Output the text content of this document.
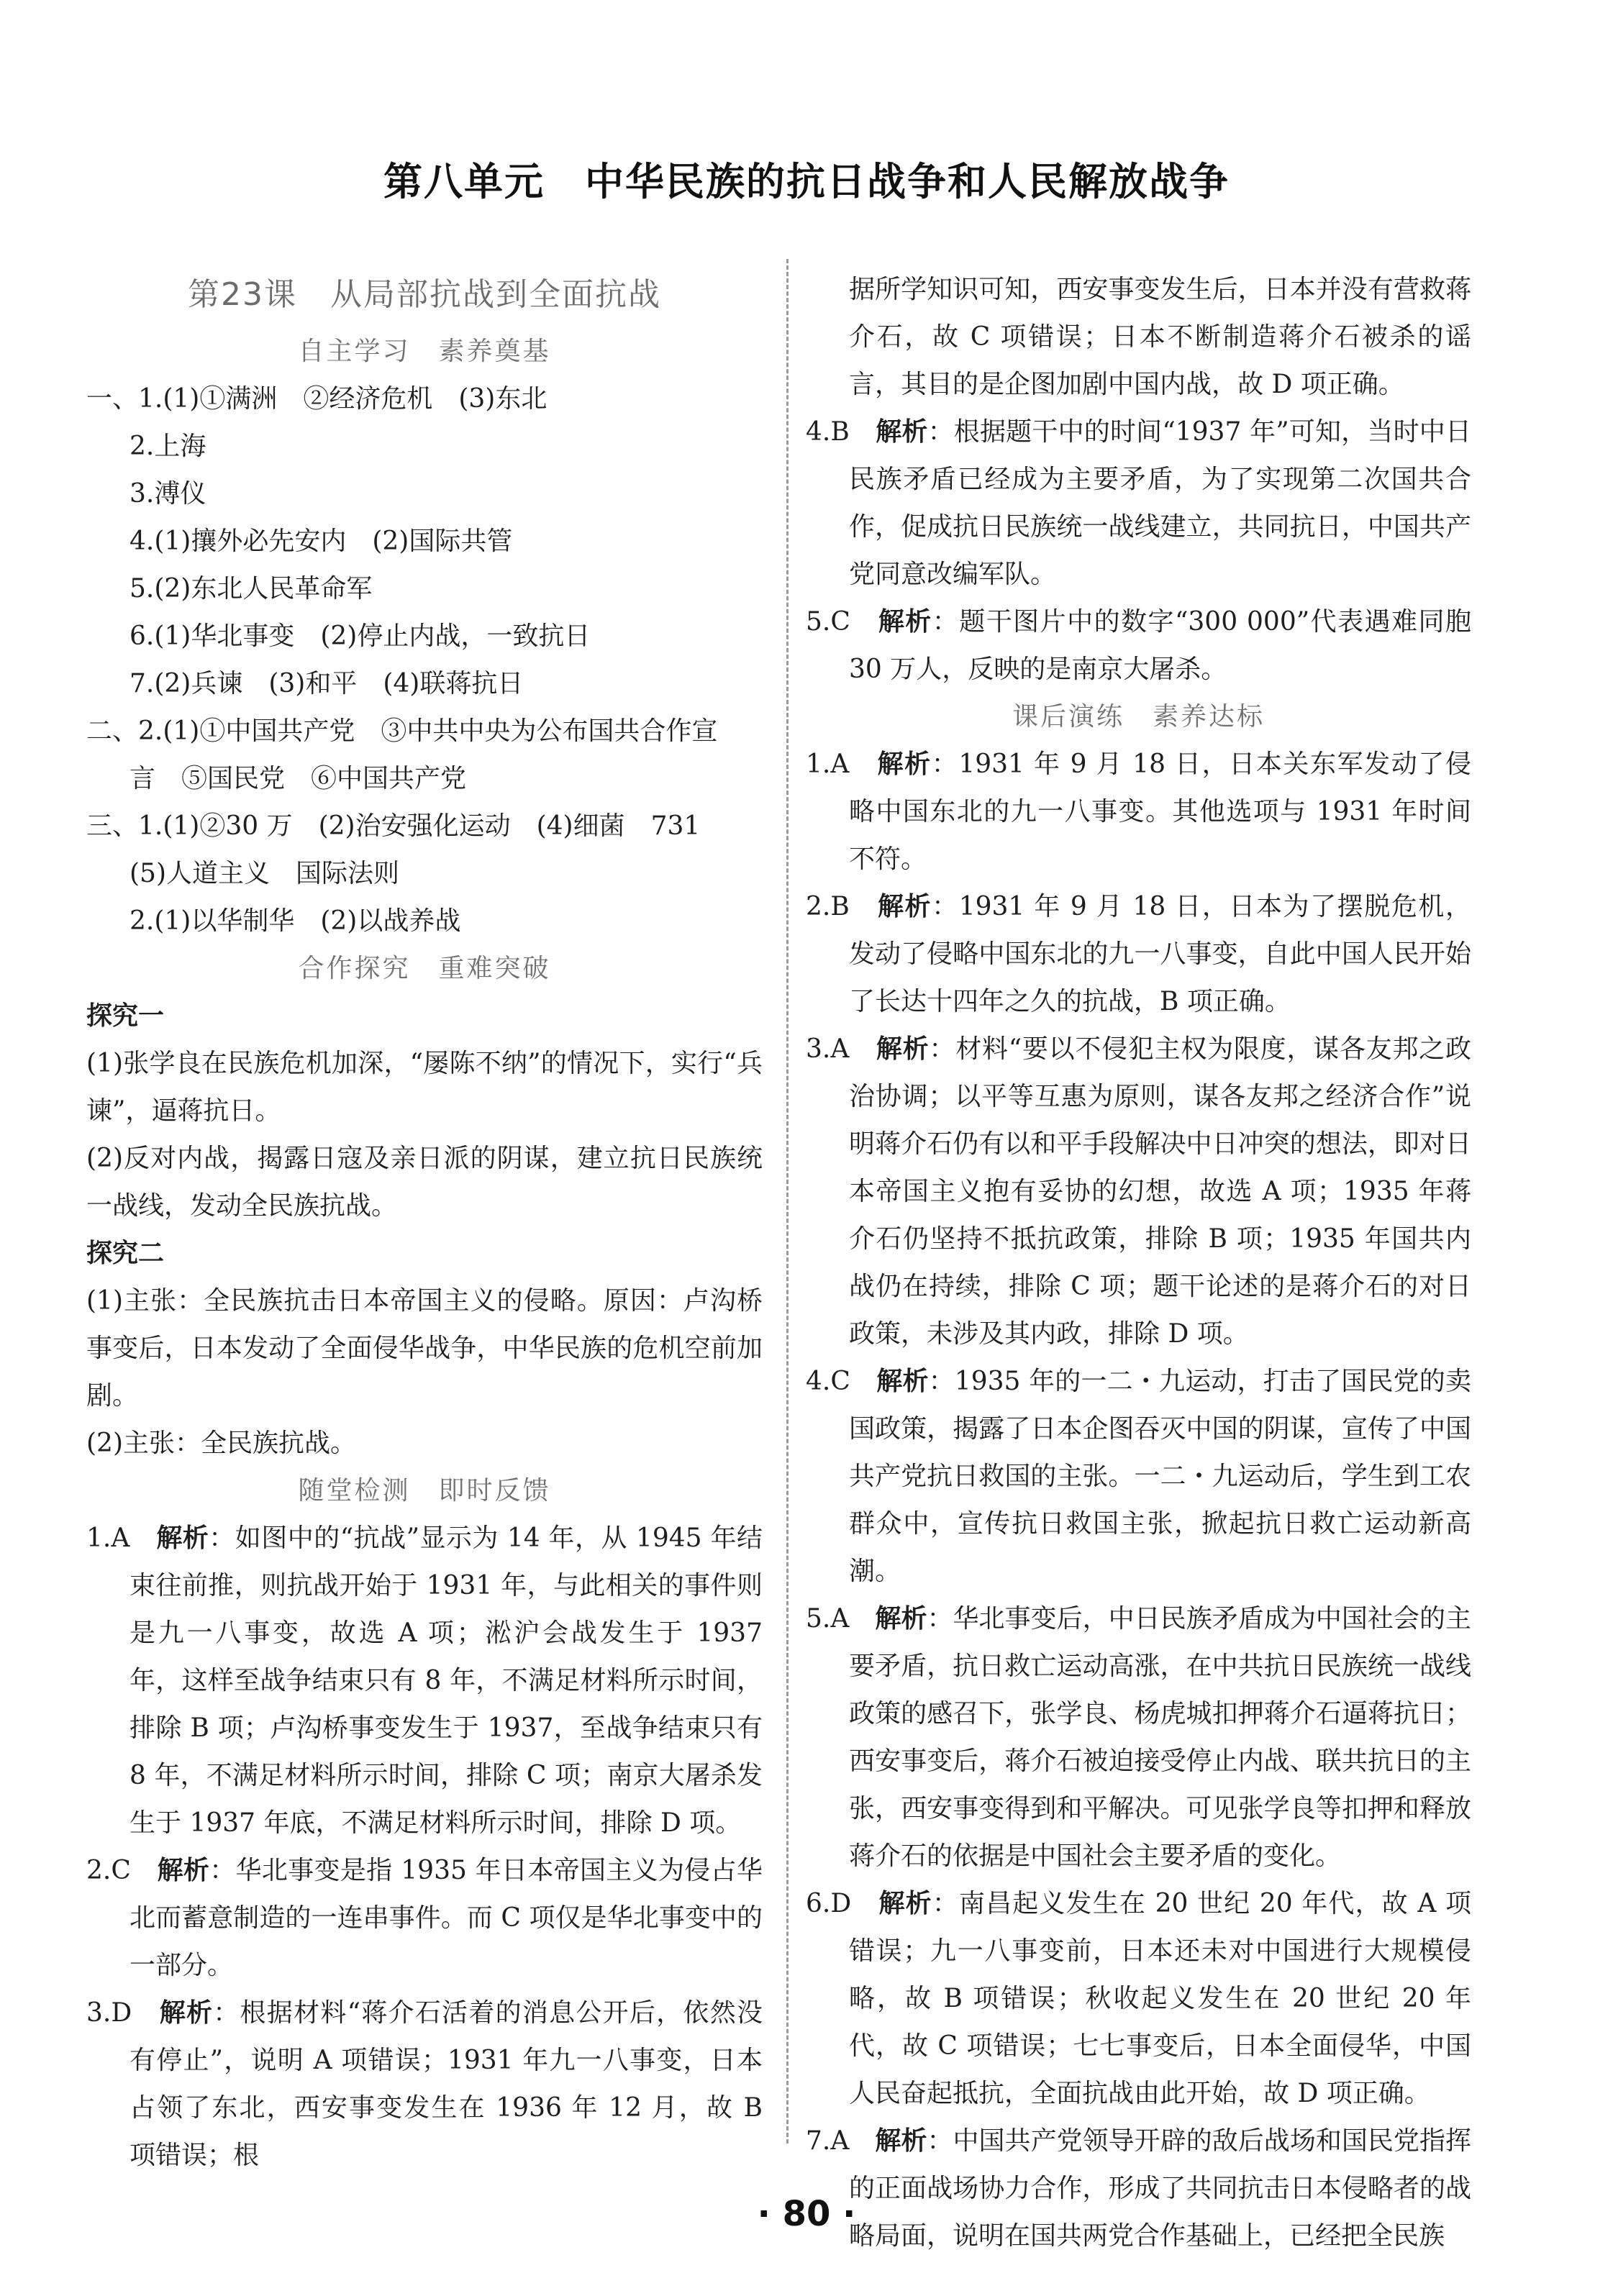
第八单元　中华民族的抗日战争和人民解放战争
第23课　从局部抗战到全面抗战
自主学习　素养奠基
一、1.(1)①满洲　②经济危机　(3)东北
2.上海
3.溥仪
4.(1)攘外必先安内　(2)国际共管
5.(2)东北人民革命军
6.(1)华北事变　(2)停止内战，一致抗日
7.(2)兵谏　(3)和平　(4)联蒋抗日
二、2.(1)①中国共产党　③中共中央为公布国共合作宣
言　⑤国民党　⑥中国共产党
三、1.(1)②30 万　(2)治安强化运动　(4)细菌　731
(5)人道主义　国际法则
2.(1)以华制华　(2)以战养战
合作探究　重难突破
探究一
(1)张学良在民族危机加深，“屡陈不纳”的情况下，实行“兵谏”，逼蒋抗日。
(2)反对内战，揭露日寇及亲日派的阴谋，建立抗日民族统一战线，发动全民族抗战。
探究二
(1)主张：全民族抗击日本帝国主义的侵略。原因：卢沟桥事变后，日本发动了全面侵华战争，中华民族的危机空前加剧。
(2)主张：全民族抗战。
随堂检测　即时反馈
1.A　 解析：如图中的“抗战”显示为 14 年，从 1945 年结束往前推，则抗战开始于 1931 年，与此相关的事件则是九一八事变，故选 A 项；淞沪会战发生于 1937 年，这样至战争结束只有 8 年，不满足材料所示时间，排除 B 项；卢沟桥事变发生于 1937，至战争结束只有 8 年，不满足材料所示时间，排除 C 项；南京大屠杀发生于 1937 年底，不满足材料所示时间，排除 D 项。
2.C　 解析：华北事变是指 1935 年日本帝国主义为侵占华北而蓄意制造的一连串事件。而 C 项仅是华北事变中的一部分。
3.D　 解析：根据材料“蒋介石活着的消息公开后，依然没有停止”，说明 A 项错误；1931 年九一八事变，日本占领了东北，西安事变发生在 1936 年 12 月，故 B 项错误；根
据所学知识可知，西安事变发生后，日本并没有营救蒋介石，故 C 项错误；日本不断制造蒋介石被杀的谣言，其目的是企图加剧中国内战，故 D 项正确。
4.B　 解析：根据题干中的时间“1937 年”可知，当时中日民族矛盾已经成为主要矛盾，为了实现第二次国共合作，促成抗日民族统一战线建立，共同抗日，中国共产党同意改编军队。
5.C　 解析：题干图片中的数字“300 000”代表遇难同胞 30 万人，反映的是南京大屠杀。
课后演练　素养达标
1.A　 解析：1931 年 9 月 18 日，日本关东军发动了侵略中国东北的九一八事变。其他选项与 1931 年时间不符。
2.B　 解析：1931 年 9 月 18 日，日本为了摆脱危机，发动了侵略中国东北的九一八事变，自此中国人民开始了长达十四年之久的抗战，B 项正确。
3.A　 解析：材料“要以不侵犯主权为限度，谋各友邦之政治协调；以平等互惠为原则，谋各友邦之经济合作”说明蒋介石仍有以和平手段解决中日冲突的想法，即对日本帝国主义抱有妥协的幻想，故选 A 项；1935 年蒋介石仍坚持不抵抗政策，排除 B 项；1935 年国共内战仍在持续，排除 C 项；题干论述的是蒋介石的对日政策，未涉及其内政，排除 D 项。
4.C　 解析：1935 年的一二・九运动，打击了国民党的卖国政策，揭露了日本企图吞灭中国的阴谋，宣传了中国共产党抗日救国的主张。一二・九运动后，学生到工农群众中，宣传抗日救国主张，掀起抗日救亡运动新高潮。
5.A　 解析：华北事变后，中日民族矛盾成为中国社会的主要矛盾，抗日救亡运动高涨，在中共抗日民族统一战线政策的感召下，张学良、杨虎城扣押蒋介石逼蒋抗日；西安事变后，蒋介石被迫接受停止内战、联共抗日的主张，西安事变得到和平解决。可见张学良等扣押和释放蒋介石的依据是中国社会主要矛盾的变化。
6.D　 解析：南昌起义发生在 20 世纪 20 年代，故 A 项错误；九一八事变前，日本还未对中国进行大规模侵略，故 B 项错误；秋收起义发生在 20 世纪 20 年代，故 C 项错误；七七事变后，日本全面侵华，中国人民奋起抵抗，全面抗战由此开始，故 D 项正确。
7.A　 解析：中国共产党领导开辟的敌后战场和国民党指挥的正面战场协力合作，形成了共同抗击日本侵略者的战略局面，说明在国共两党合作基础上，已经把全民族
· 80 ·
